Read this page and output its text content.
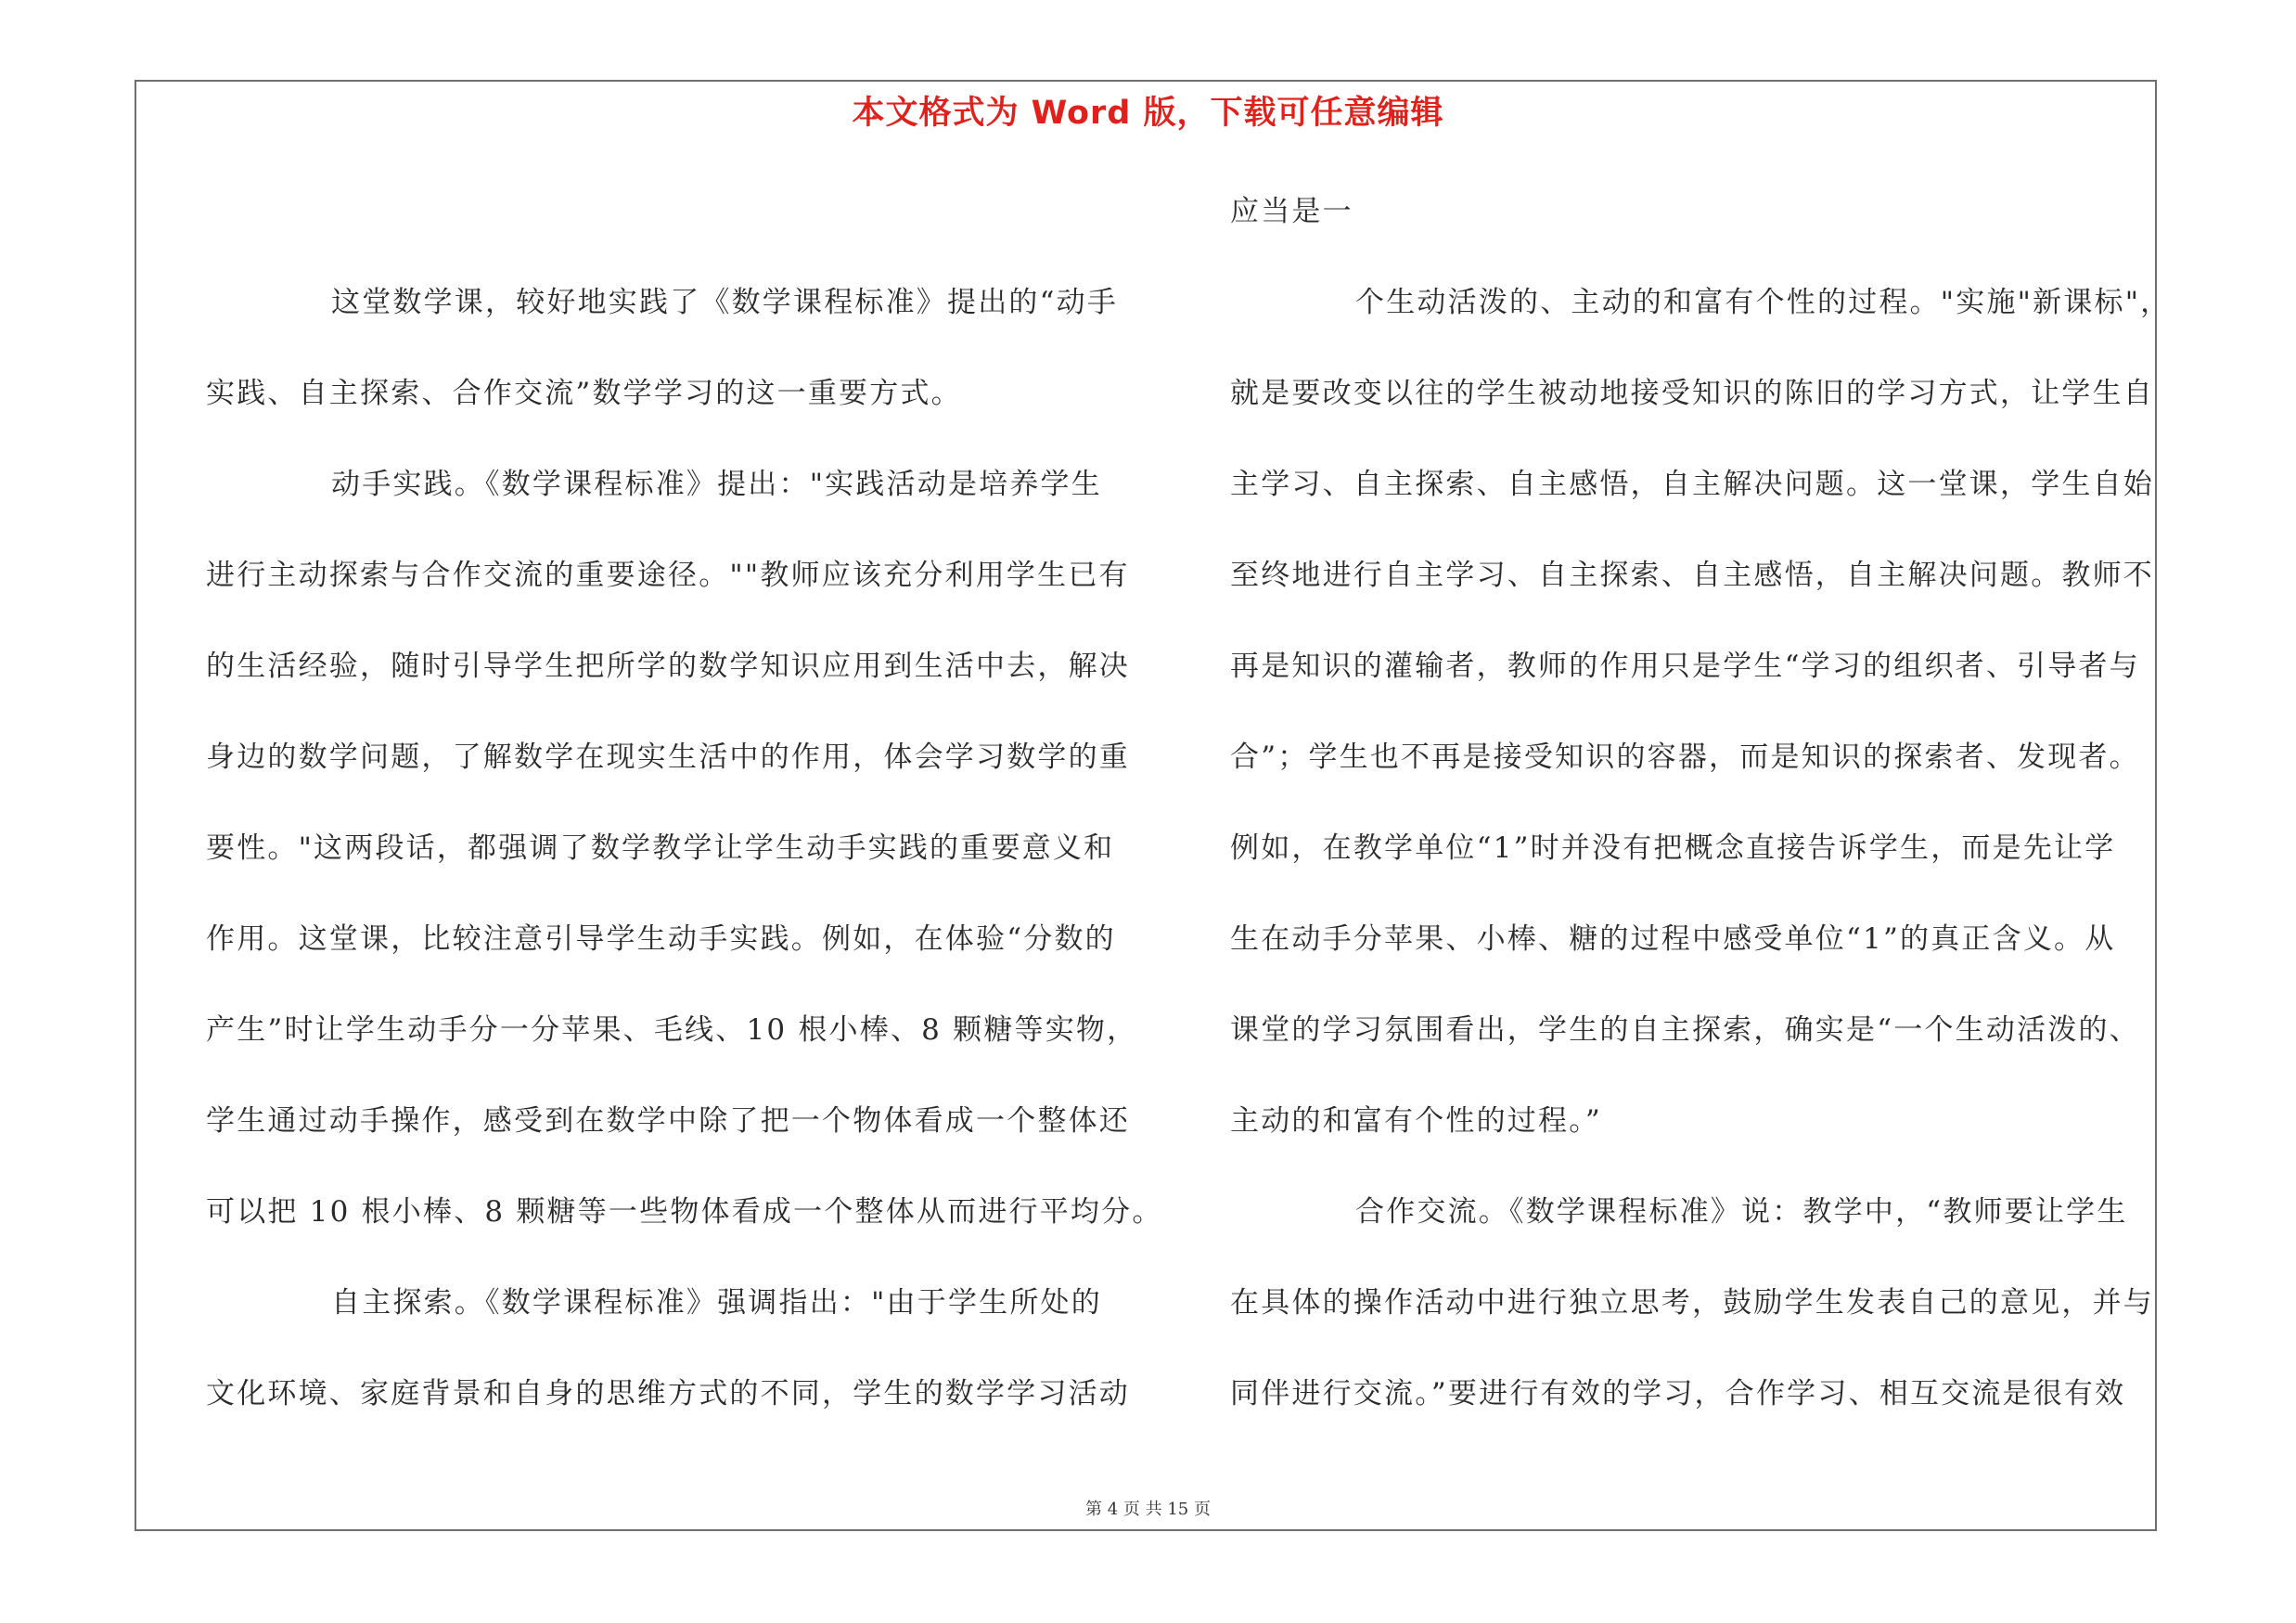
本文格式为 Word 版，下载可任意编辑
这堂数学课，较好地实践了《数学课程标准》提出的“动手
实践、自主探索、合作交流”数学学习的这一重要方式。
动手实践。《数学课程标准》提出："实践活动是培养学生
进行主动探索与合作交流的重要途径。""教师应该充分利用学生已有
的生活经验，随时引导学生把所学的数学知识应用到生活中去，解决
身边的数学问题，了解数学在现实生活中的作用，体会学习数学的重
要性。"这两段话，都强调了数学教学让学生动手实践的重要意义和
作用。这堂课，比较注意引导学生动手实践。例如，在体验“分数的
产生”时让学生动手分一分苹果、毛线、10 根小棒、8 颗糖等实物，
学生通过动手操作，感受到在数学中除了把一个物体看成一个整体还
可以把 10 根小棒、8 颗糖等一些物体看成一个整体从而进行平均分。
自主探索。《数学课程标准》强调指出："由于学生所处的
文化环境、家庭背景和自身的思维方式的不同，学生的数学学习活动
应当是一
个生动活泼的、主动的和富有个性的过程。"实施"新课标"，
就是要改变以往的学生被动地接受知识的陈旧的学习方式，让学生自
主学习、自主探索、自主感悟，自主解决问题。这一堂课，学生自始
至终地进行自主学习、自主探索、自主感悟，自主解决问题。教师不
再是知识的灌输者，教师的作用只是学生“学习的组织者、引导者与
合”；学生也不再是接受知识的容器，而是知识的探索者、发现者。
例如，在教学单位“1”时并没有把概念直接告诉学生，而是先让学
生在动手分苹果、小棒、糖的过程中感受单位“1”的真正含义。从
课堂的学习氛围看出，学生的自主探索，确实是“一个生动活泼的、
主动的和富有个性的过程。”
合作交流。《数学课程标准》说：教学中，“教师要让学生
在具体的操作活动中进行独立思考，鼓励学生发表自己的意见，并与
同伴进行交流。”要进行有效的学习，合作学习、相互交流是很有效
第 4 页 共 15 页
